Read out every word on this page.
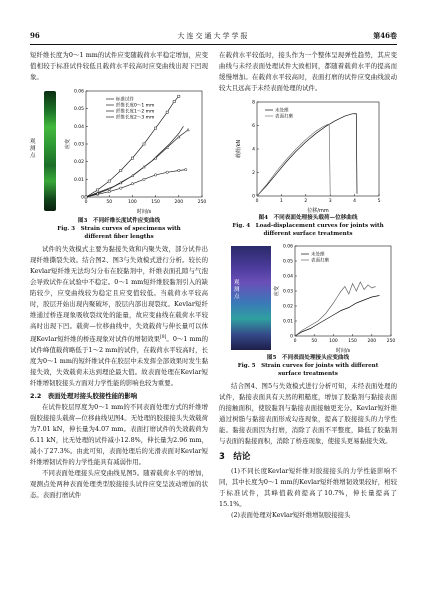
96	大连交通大学学报	第46卷

短纤维长度为0～1 mm的试件应变随载荷水平稳定增加，应变值相较于标准试件较低且载荷水平较高时应变曲线出现下凹现象。

观测点
0	50	100	150	200	250
0
0.01
0.02
0.03
0.04
0.05
0.06
时间/s
应变
标准试件
纤维长度0～1 mm
纤维长度1～2 mm
纤维长度2～3 mm
图3　不同纤维长度试件应变曲线
Fig. 3　Strain curves of specimens with
different fiber lengths

试件的失效模式主要为黏接失效和内聚失效，部分试件出现纤维撕裂失效。结合图2、图3与失效模式进行分析。较长的Kevlar短纤维无法均匀分布在胶黏剂中，纤维表面孔隙与气泡会导致试件在试验中不稳定。0～1 mm短纤维胶黏剂引入的缺陷较少，应变曲线较为稳定且应变值较低。当载荷水平较高时，胶层开始出现内聚破坏，胶层内部出现裂纹。Kevlar短纤维通过桥连现象吸收裂纹处的能量，故应变曲线在载荷水平较高时出现下凹。载荷—位移曲线中，失效载荷与伸长量可以体现Kevlar短纤维的桥连现象对试件的增韧效果[8]。0～1 mm的试件峰值载荷略低于1～2 mm的试件，在载荷水平较高时，长度为0～1 mm的短纤维试件在胶层中未发挥全部效果时发生黏接失效，失效载荷未达到理论最大值。故表面处理在Kevlar短纤维增韧胶接头方面对力学性能的影响也较为重要。

2.2　表面处理对接头胶接性能的影响

在试件胶层厚度为0～1 mm的不同表面处理方式的纤维增强胶接接头载荷—位移曲线见图4。无处理的胶接接头失效载荷为7.01 kN，伸长量为4.07 mm。表面打磨试件的失效载荷为6.11 kN，比无处理的试件减小12.8%，伸长量为2.96 mm，减小了27.3%。由此可知，表面处理后的光滑表面对Kevlar短纤维增韧试件的力学性能具有减弱作用。

不同表面处理接头应变曲线见图5。随着载荷水平的增加，观测点处两种表面处理类型胶接接头试件应变呈波动增加的状态。表面打磨试件

在载荷水平较低时，接头作为一个整体呈现弹性趋势，其应变曲线与未经表面处理试件大致相同，都随着载荷水平的提高而缓慢增加。在载荷水平较高时，表面打磨的试件应变曲线波动较大且远高于未经表面处理的试件。

0	1	2	3	4	5
0
2
4
6
8
位移/mm
载荷/kN
未处理
表面打磨
图4　不同表面处理接头载荷—位移曲线
Fig. 4　Load-displacement curves for joints with
different surface treatments
观测点
0	50	100 150 200 250
0
0.01
0.02
0.03
0.04
0.05
0.06
时间/s
应变
未处理
表面打磨
图5　不同表面处理接头应变曲线
Fig. 5　Strain curves for joints with different
surface treatments

结合图4、图5与失效模式进行分析可知，未经表面处理的试件，黏接表面具有天然的粗糙度，增加了胶黏剂与黏接表面的接触面积，使胶黏剂与黏接表面接触更充分。Kevlar短纤维通过树脂与黏接表面形成勾连现象，提高了胶接接头的力学性能。黏接表面因为打磨，消除了表面不平整度，降低了胶黏剂与表面的黏接面积，消除了桥连现象，使接头更易黏接失效。

3　结论

(1)不同长度Kevlar短纤维对胶接接头的力学性能影响不同，其中长度为0～1 mm的Kevlar短纤维增韧效果较好，相较于标准试件，其峰值载荷提高了10.7%，伸长量提高了15.1%。

(2)表面处理对Kevlar短纤维增韧胶接接头
